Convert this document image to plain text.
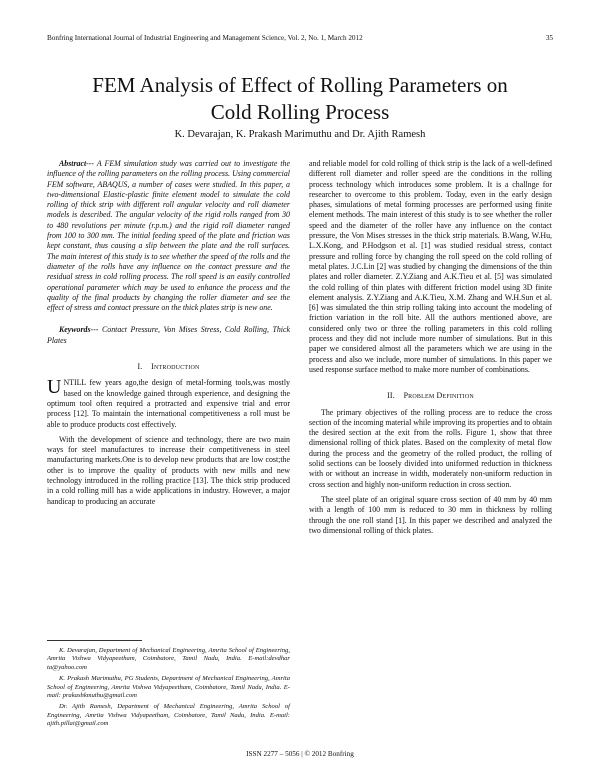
Bonfring International Journal of Industrial Engineering and Management Science, Vol. 2, No. 1, March 2012	35
FEM Analysis of Effect of Rolling Parameters on
Cold Rolling Process
K. Devarajan, K. Prakash Marimuthu and Dr. Ajith Ramesh

Abstract--- A FEM simulation study was carried out to investigate the influence of the rolling parameters on the rolling process. Using commercial FEM software, ABAQUS, a number of cases were studied. In this paper, a two-dimensional Elastic-plastic finite element model to simulate the cold rolling of thick strip with different roll angular velocity and roll diameter models is described. The angular velocity of the rigid rolls ranged from 30 to 480 revolutions per minute (r.p.m.) and the rigid roll diameter ranged from 100 to 300 mm. The initial feeding speed of the plate and friction was kept constant, thus causing a slip between the plate and the roll surfaces. The main interest of this study is to see whether the speed of the rolls and the diameter of the rolls have any influence on the contact pressure and the residual stress in cold rolling process. The roll speed is an easily controlled operational parameter which may be used to enhance the process and the quality of the final products by changing the roller diameter and see the effect of stress and contact pressure on the thick plates strip is new one.

Keywords--- Contact Pressure, Von Mises Stress, Cold Rolling, Thick Plates

I. Introduction

UNTILL few years ago,the design of metal-forming tools,was mostly based on the knowledge gained through experience, and designing the optimum tool often required a protracted and expensive trial and error process [12]. To maintain the international competitiveness a roll must be able to produce products cost effectively.

With the development of science and technology, there are two main ways for steel manufactures to increase their competitiveness in steel manufacturing markets.One is to develop new products that are low cost;the other is to improve the quality of products with new mills and new technology introduced in the rolling practice [13]. The thick strip produced in a cold rolling mill has a wide applications in industry. However, a major handicap to producing an accurate

K. Devarajan, Department of Mechanical Engineering, Amrita School of Engineering, Amrita Vishwa Vidyapeetham, Coimbatore, Tamil Nadu, India. E-mail:devdhar ta@yahoo.com

K. Prakash Marimuthu, PG Students, Department of Mechanical Engineering, Amrita School of Engineering, Amrita Vishwa Vidyapeetham, Coimbatore, Tamil Nadu, India. E-mail: prakashkmuthu@gmail.com

Dr. Ajith Ramesh, Department of Mechanical Engineering, Amrita School of Engineering, Amrita Vishwa Vidyapeetham, Coimbatore, Tamil Nadu, India. E-mail: ajith.pillai@gmail.com

and reliable model for cold rolling of thick strip is the lack of a well-defined different roll diameter and roller speed are the conditions in the rolling process technology which introduces some problem. It is a challnge for researcher to overcome to this problem. Today, even in the early design phases, simulations of metal forming processes are performed using finite element methods. The main interest of this study is to see whether the roller speed and the diameter of the roller have any influence on the contact pressure, the Von Mises stresses in the thick strip materials. B.Wang, W.Hu, L.X.Kong, and P.Hodgson et al. [1] was studied residual stress, contact pressure and rolling force by changing the roll speed on the cold rolling of metal plates. J.C.Lin [2] was studied by changing the dimensions of the thin plates and roller diameter. Z.Y.Ziang and A.K.Tieu et al. [5] was simulated the cold rolling of thin plates with different friction model using 3D finite element analysis. Z.Y.Ziang and A.K.Tieu, X.M. Zhang and W.H.Sun et al. [6] was simulated the thin strip rolling taking into account the modeling of friction variation in the roll bite. All the authors mentioned above, are considered only two or three the rolling parameters in this cold rolling process and they did not include more number of simulations. But in this paper we considered almost all the parameters which we are using in the process and also we include, more number of simulations. In this paper we used response surface method to make more number of combinations.

II. Problem Definition

The primary objectives of the rolling process are to reduce the cross section of the incoming material while improving its properties and to obtain the desired section at the exit from the rolls. Figure 1, show that three dimensional rolling of thick plates. Based on the complexity of metal flow during the process and the geometry of the rolled product, the rolling of solid sections can be loosely divided into uniformed reduction in thickness with or without an increase in width, moderately non-uniform reduction in cross section and highly non-uniform reduction in cross section.

The steel plate of an original square cross section of 40 mm by 40 mm with a length of 100 mm is reduced to 30 mm in thickness by rolling through the one roll stand [1]. In this paper we described and analyzed the two dimensional rolling of thick plates.

ISSN 2277 – 5056 | © 2012 Bonfring
